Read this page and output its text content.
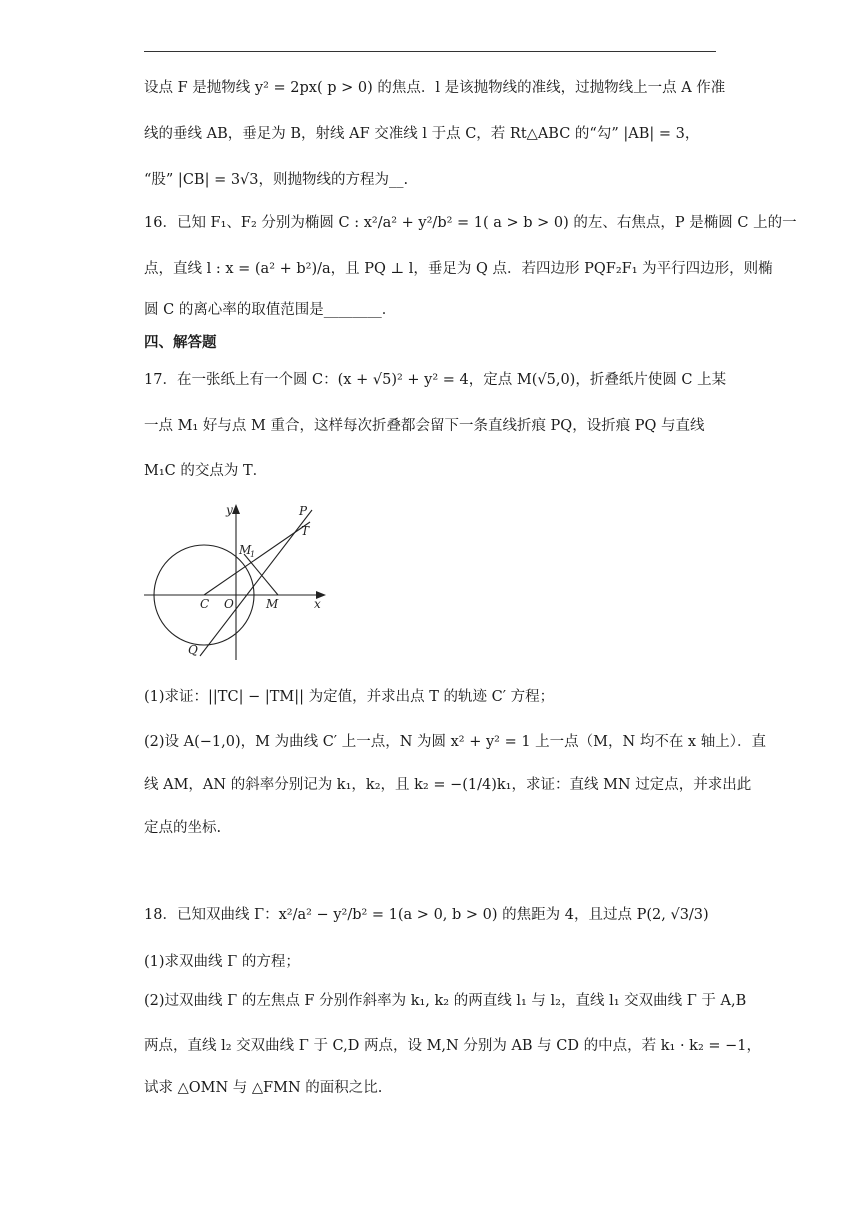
设点 F 是抛物线 y² = 2px( p > 0) 的焦点．l 是该抛物线的准线，过抛物线上一点 A 作准
线的垂线 AB，垂足为 B，射线 AF 交准线 l 于点 C，若 Rt△ABC 的“勾” |AB| = 3，
“股” |CB| = 3√3，则抛物线的方程为__.
16．已知 F₁、F₂ 分别为椭圆 C : x²/a² + y²/b² = 1( a > b > 0) 的左、右焦点，P 是椭圆 C 上的一
点，直线 l : x = (a² + b²)/a，且 PQ ⊥ l，垂足为 Q 点．若四边形 PQF₂F₁ 为平行四边形，则椭
圆 C 的离心率的取值范围是________．
四、解答题
17．在一张纸上有一个圆 C：(x + √5)² + y² = 4，定点 M(√5,0)，折叠纸片使圆 C 上某
一点 M₁ 好与点 M 重合，这样每次折叠都会留下一条直线折痕 PQ，设折痕 PQ 与直线
M₁C 的交点为 T．
y
x
P
T
M
1
C O	M
Q
(1)求证：||TC| − |TM|| 为定值，并求出点 T 的轨迹 C′ 方程；
(2)设 A(−1,0)，M 为曲线 C′ 上一点，N 为圆 x² + y² = 1 上一点（M，N 均不在 x 轴上）．直
线 AM，AN 的斜率分别记为 k₁，k₂，且 k₂ = −(1/4)k₁，求证：直线 MN 过定点，并求出此
定点的坐标.
18．已知双曲线 Γ：x²/a² − y²/b² = 1(a > 0, b > 0) 的焦距为 4，且过点 P(2, √3/3)
(1)求双曲线 Γ 的方程；
(2)过双曲线 Γ 的左焦点 F 分别作斜率为 k₁, k₂ 的两直线 l₁ 与 l₂，直线 l₁ 交双曲线 Γ 于 A,B
两点，直线 l₂ 交双曲线 Γ 于 C,D 两点，设 M,N 分别为 AB 与 CD 的中点，若 k₁ · k₂ = −1，
试求 △OMN 与 △FMN 的面积之比.
